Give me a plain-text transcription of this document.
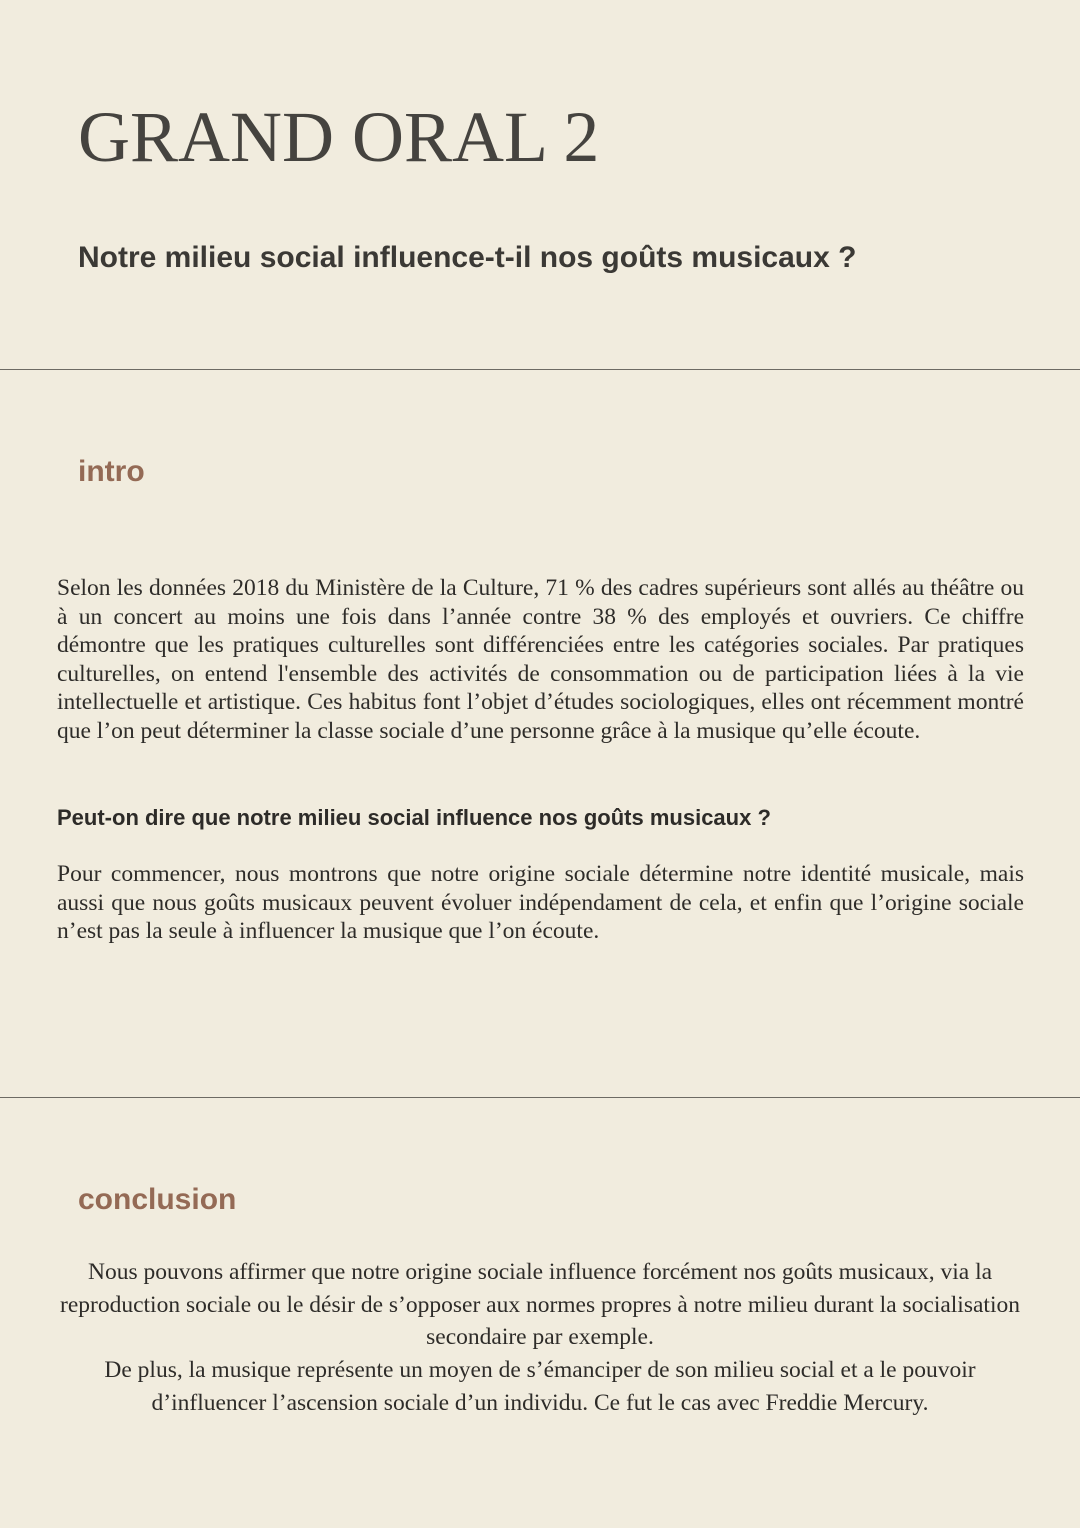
GRAND ORAL 2
Notre milieu social influence-t-il nos goûts musicaux ?
intro

Selon les données 2018 du Ministère de la Culture, 71 % des cadres supérieurs sont allés au théâtre ou à un concert au moins une fois dans l’année contre 38 % des employés et ouvriers. Ce chiffre démontre que les pratiques culturelles sont différenciées entre les catégories sociales. Par pratiques culturelles, on entend l'ensemble des activités de consommation ou de participation liées à la vie intellectuelle et artistique. Ces habitus font l’objet d’études sociologiques, elles ont récemment montré que l’on peut déterminer la classe sociale d’une personne grâce à la musique qu’elle écoute.

Peut-on dire que notre milieu social influence nos goûts musicaux ?

Pour commencer, nous montrons que notre origine sociale détermine notre identité musicale, mais aussi que nous goûts musicaux peuvent évoluer indépendament de cela, et enfin que l’origine sociale n’est pas la seule à influencer la musique que l’on écoute.

conclusion

Nous pouvons affirmer que notre origine sociale influence forcément nos goûts musicaux, via la reproduction sociale ou le désir de s’opposer aux normes propres à notre milieu durant la socialisation secondaire par exemple.
De plus, la musique représente un moyen de s’émanciper de son milieu social et a le pouvoir d’influencer l’ascension sociale d’un individu. Ce fut le cas avec Freddie Mercury.
